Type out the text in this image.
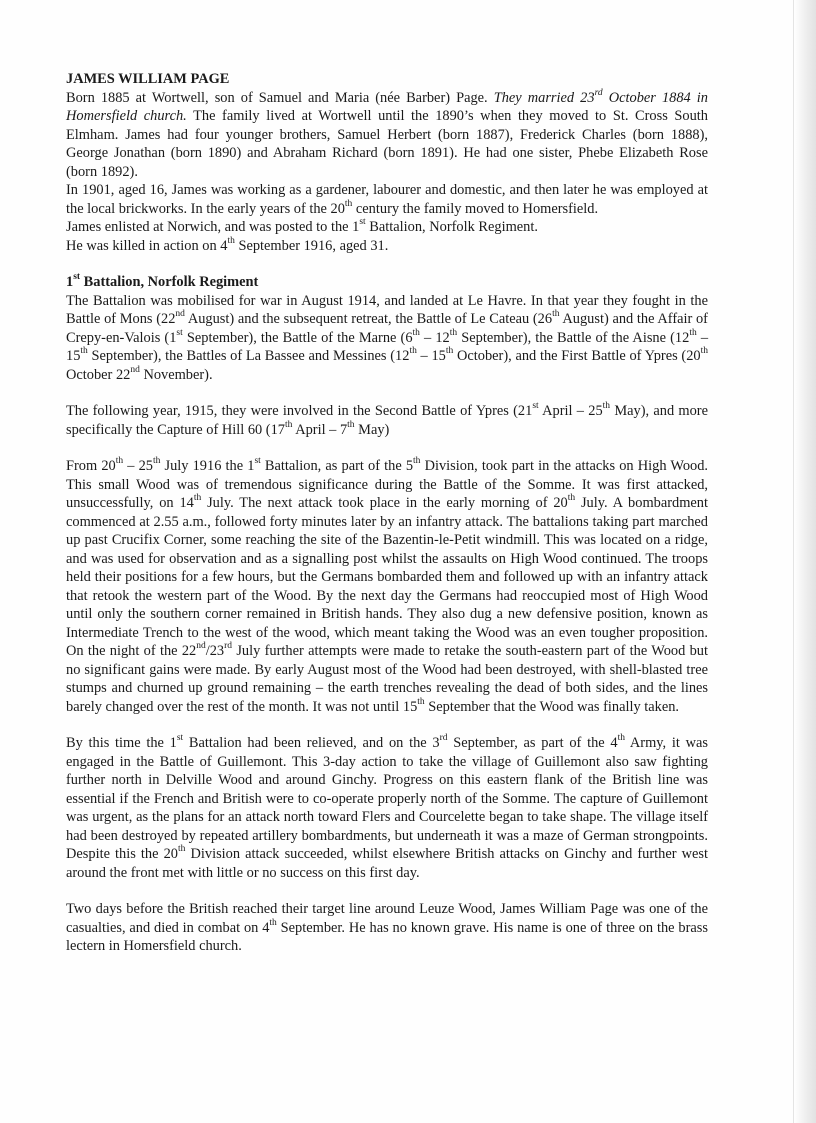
JAMES WILLIAM PAGE

Born 1885 at Wortwell, son of Samuel and Maria (née Barber) Page. They married 23rd October 1884 in Homersfield church. The family lived at Wortwell until the 1890’s when they moved to St. Cross South Elmham. James had four younger brothers, Samuel Herbert (born 1887), Frederick Charles (born 1888), George Jonathan (born 1890) and Abraham Richard (born 1891). He had one sister, Phebe Elizabeth Rose (born 1892).

In 1901, aged 16, James was working as a gardener, labourer and domestic, and then later he was employed at the local brickworks. In the early years of the 20th century the family moved to Homersfield.

James enlisted at Norwich, and was posted to the 1st Battalion, Norfolk Regiment.

He was killed in action on 4th September 1916, aged 31.

1st Battalion, Norfolk Regiment

The Battalion was mobilised for war in August 1914, and landed at Le Havre. In that year they fought in the Battle of Mons (22nd August) and the subsequent retreat, the Battle of Le Cateau (26th August) and the Affair of Crepy-en-Valois (1st September), the Battle of the Marne (6th – 12th September), the Battle of the Aisne (12th – 15th September), the Battles of La Bassee and Messines (12th – 15th October), and the First Battle of Ypres (20th October 22nd November).

The following year, 1915, they were involved in the Second Battle of Ypres (21st April – 25th May), and more specifically the Capture of Hill 60 (17th April – 7th May)

From 20th – 25th July 1916 the 1st Battalion, as part of the 5th Division, took part in the attacks on High Wood. This small Wood was of tremendous significance during the Battle of the Somme. It was first attacked, unsuccessfully, on 14th July. The next attack took place in the early morning of 20th July. A bombardment commenced at 2.55 a.m., followed forty minutes later by an infantry attack. The battalions taking part marched up past Crucifix Corner, some reaching the site of the Bazentin-le-Petit windmill. This was located on a ridge, and was used for observation and as a signalling post whilst the assaults on High Wood continued. The troops held their positions for a few hours, but the Germans bombarded them and followed up with an infantry attack that retook the western part of the Wood. By the next day the Germans had reoccupied most of High Wood until only the southern corner remained in British hands. They also dug a new defensive position, known as Intermediate Trench to the west of the wood, which meant taking the Wood was an even tougher proposition. On the night of the 22nd/23rd July further attempts were made to retake the south-eastern part of the Wood but no significant gains were made. By early August most of the Wood had been destroyed, with shell-blasted tree stumps and churned up ground remaining – the earth trenches revealing the dead of both sides, and the lines barely changed over the rest of the month. It was not until 15th September that the Wood was finally taken.

By this time the 1st Battalion had been relieved, and on the 3rd September, as part of the 4th Army, it was engaged in the Battle of Guillemont. This 3-day action to take the village of Guillemont also saw fighting further north in Delville Wood and around Ginchy. Progress on this eastern flank of the British line was essential if the French and British were to co-operate properly north of the Somme. The capture of Guillemont was urgent, as the plans for an attack north toward Flers and Courcelette began to take shape. The village itself had been destroyed by repeated artillery bombardments, but underneath it was a maze of German strongpoints. Despite this the 20th Division attack succeeded, whilst elsewhere British attacks on Ginchy and further west around the front met with little or no success on this first day.

Two days before the British reached their target line around Leuze Wood, James William Page was one of the casualties, and died in combat on 4th September. He has no known grave. His name is one of three on the brass lectern in Homersfield church.
